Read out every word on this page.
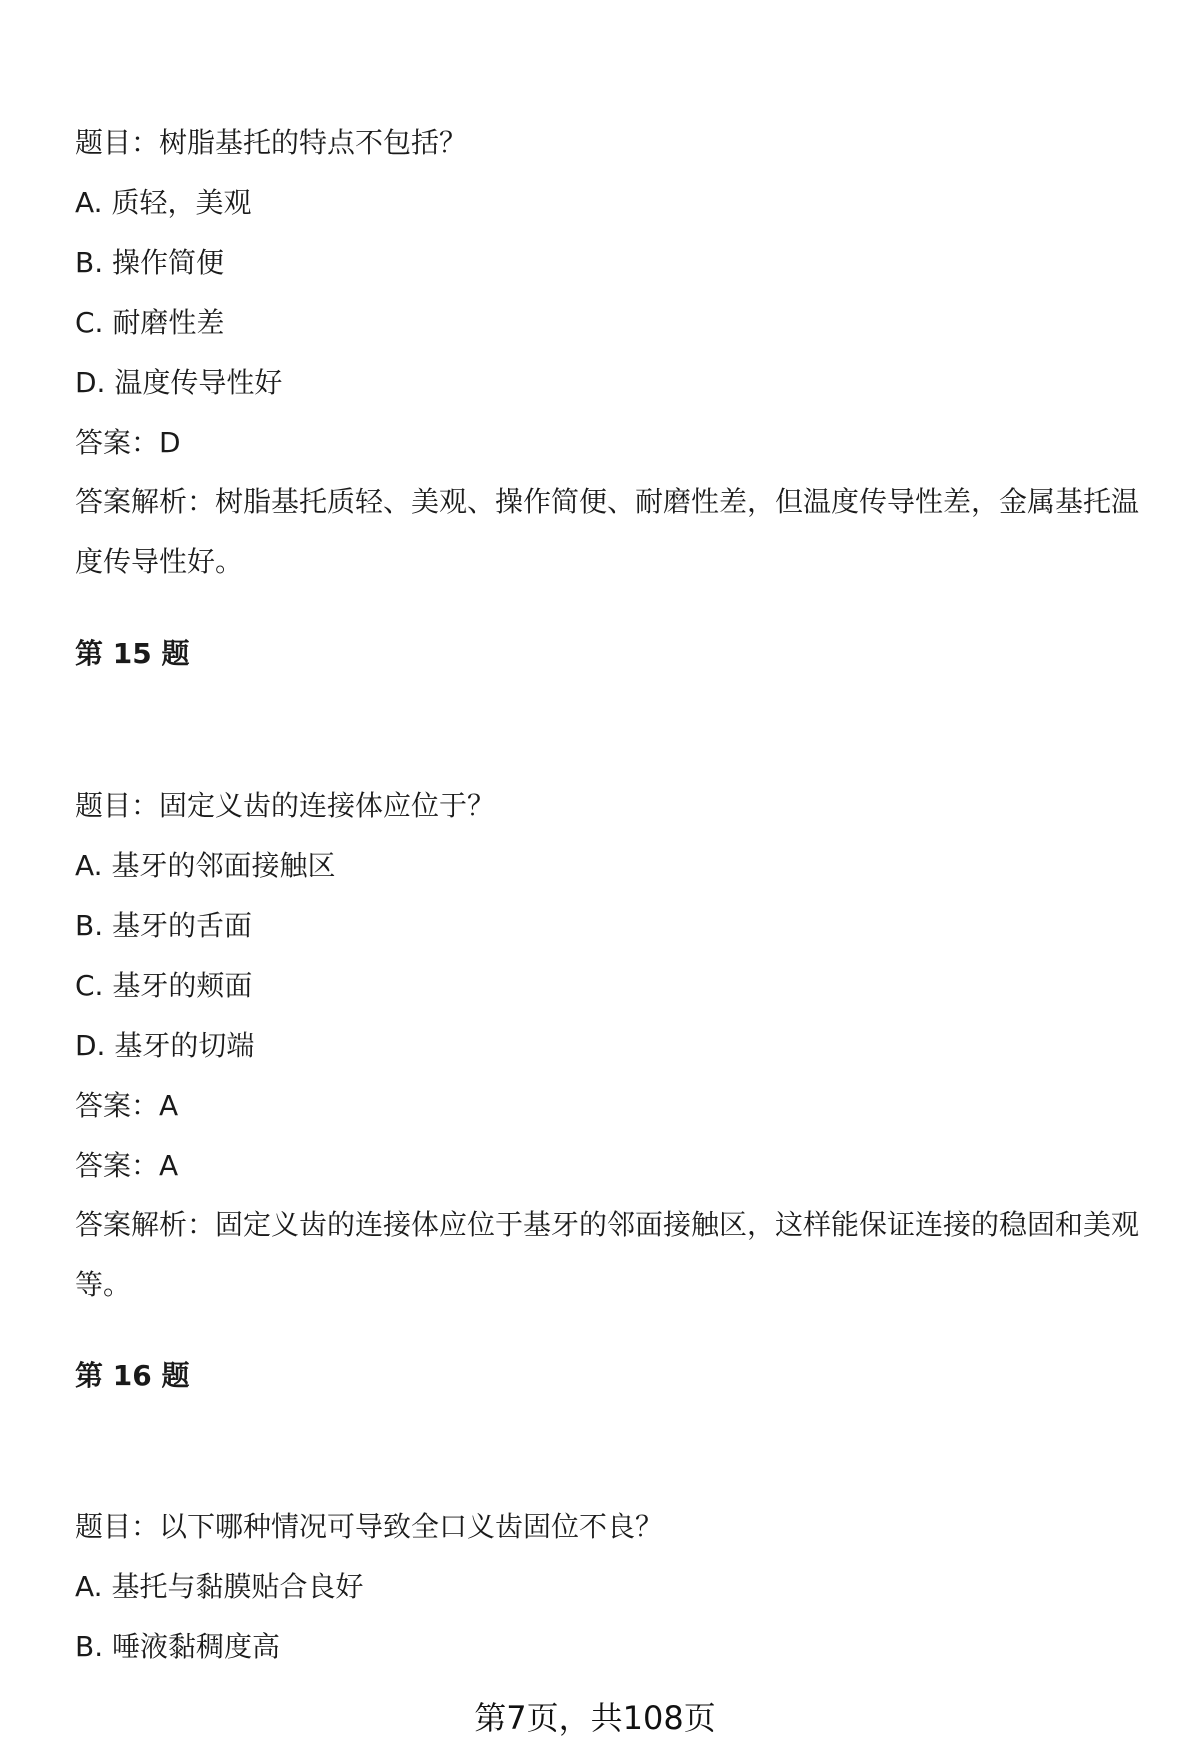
题目：树脂基托的特点不包括？
A. 质轻，美观
B. 操作简便
C. 耐磨性差
D. 温度传导性好
答案：D
答案解析：树脂基托质轻、美观、操作简便、耐磨性差，但温度传导性差，金属基托温度传导性好。
第 15 题
题目：固定义齿的连接体应位于？
A. 基牙的邻面接触区
B. 基牙的舌面
C. 基牙的颊面
D. 基牙的切端
答案：A
答案：A
答案解析：固定义齿的连接体应位于基牙的邻面接触区，这样能保证连接的稳固和美观等。
第 16 题
题目：以下哪种情况可导致全口义齿固位不良？
A. 基托与黏膜贴合良好
B. 唾液黏稠度高
第7页，共108页
